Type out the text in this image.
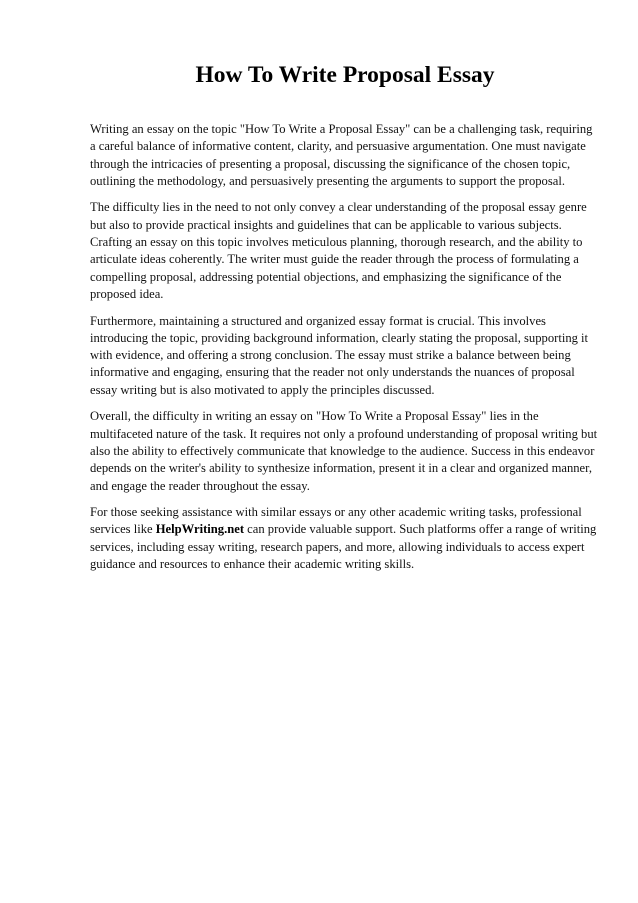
How To Write Proposal Essay

Writing an essay on the topic "How To Write a Proposal Essay" can be a challenging task, requiring a careful balance of informative content, clarity, and persuasive argumentation. One must navigate through the intricacies of presenting a proposal, discussing the significance of the chosen topic, outlining the methodology, and persuasively presenting the arguments to support the proposal.

The difficulty lies in the need to not only convey a clear understanding of the proposal essay genre but also to provide practical insights and guidelines that can be applicable to various subjects. Crafting an essay on this topic involves meticulous planning, thorough research, and the ability to articulate ideas coherently. The writer must guide the reader through the process of formulating a compelling proposal, addressing potential objections, and emphasizing the significance of the proposed idea.

Furthermore, maintaining a structured and organized essay format is crucial. This involves introducing the topic, providing background information, clearly stating the proposal, supporting it with evidence, and offering a strong conclusion. The essay must strike a balance between being informative and engaging, ensuring that the reader not only understands the nuances of proposal essay writing but is also motivated to apply the principles discussed.

Overall, the difficulty in writing an essay on "How To Write a Proposal Essay" lies in the multifaceted nature of the task. It requires not only a profound understanding of proposal writing but also the ability to effectively communicate that knowledge to the audience. Success in this endeavor depends on the writer's ability to synthesize information, present it in a clear and organized manner, and engage the reader throughout the essay.

For those seeking assistance with similar essays or any other academic writing tasks, professional services like HelpWriting.net can provide valuable support. Such platforms offer a range of writing services, including essay writing, research papers, and more, allowing individuals to access expert guidance and resources to enhance their academic writing skills.
